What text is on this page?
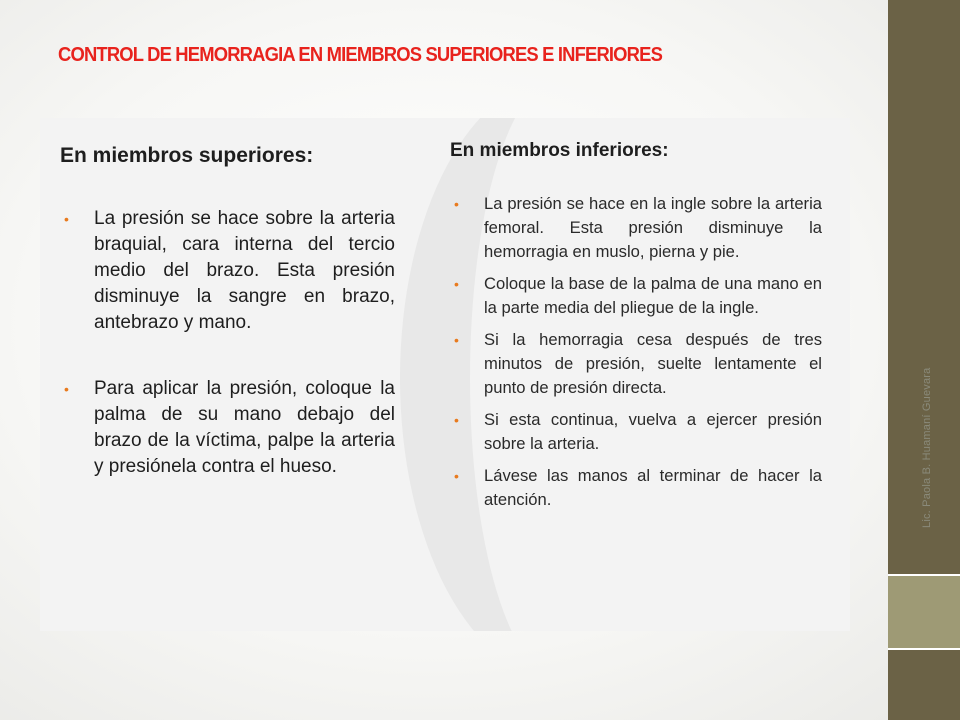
CONTROL DE HEMORRAGIA EN MIEMBROS SUPERIORES E INFERIORES
Lic. Paola B. Huamaní Guevara
En miembros superiores:
• La presión se hace sobre la arteria braquial, cara interna del tercio medio del brazo. Esta presión disminuye la sangre en brazo, antebrazo y mano.
• Para aplicar la presión, coloque la palma de su mano debajo del brazo de la víctima, palpe la arteria y presiónela contra el hueso.
En miembros inferiores:
• La presión se hace en la ingle sobre la arteria femoral. Esta presión disminuye la hemorragia en muslo, pierna y pie.
• Coloque la base de la palma de una mano en la parte media del pliegue de la ingle.
• Si la hemorragia cesa después de tres minutos de presión, suelte lentamente el punto de presión directa.
• Si esta continua, vuelva a ejercer presión sobre la arteria.
• Lávese las manos al terminar de hacer la atención.
